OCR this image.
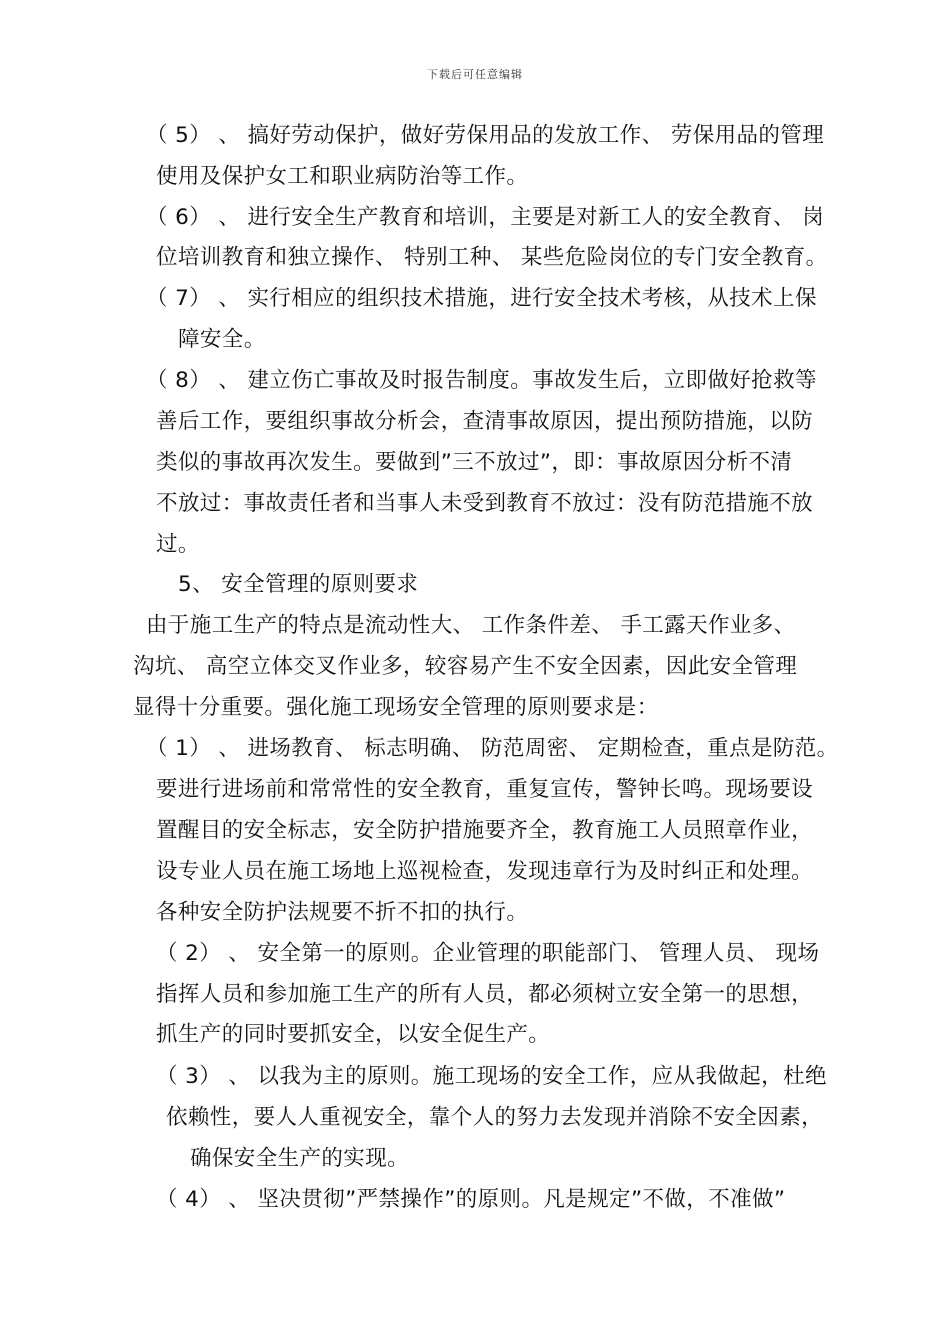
下载后可任意编辑
（ 5） 、 搞好劳动保护，做好劳保用品的发放工作、 劳保用品的管理
使用及保护女工和职业病防治等工作。
（ 6） 、 进行安全生产教育和培训，主要是对新工人的安全教育、 岗
位培训教育和独立操作、 特别工种、 某些危险岗位的专门安全教育。
（ 7） 、 实行相应的组织技术措施，进行安全技术考核，从技术上保
障安全。
（ 8） 、 建立伤亡事故及时报告制度。事故发生后，立即做好抢救等
善后工作，要组织事故分析会，查清事故原因，提出预防措施，以防
类似的事故再次发生。要做到”三不放过”，即：事故原因分析不清
不放过：事故责任者和当事人未受到教育不放过：没有防范措施不放
过。
5、 安全管理的原则要求
由于施工生产的特点是流动性大、 工作条件差、 手工露天作业多、
沟坑、 高空立体交叉作业多，较容易产生不安全因素，因此安全管理
显得十分重要。强化施工现场安全管理的原则要求是：
（ 1） 、 进场教育、 标志明确、 防范周密、 定期检查，重点是防范。
要进行进场前和常常性的安全教育，重复宣传，警钟长鸣。现场要设
置醒目的安全标志，安全防护措施要齐全，教育施工人员照章作业，
设专业人员在施工场地上巡视检查，发现违章行为及时纠正和处理。
各种安全防护法规要不折不扣的执行。
（ 2） 、 安全第一的原则。企业管理的职能部门、 管理人员、 现场
指挥人员和参加施工生产的所有人员，都必须树立安全第一的思想，
抓生产的同时要抓安全，以安全促生产。
（ 3） 、 以我为主的原则。施工现场的安全工作，应从我做起，杜绝
依赖性，要人人重视安全，靠个人的努力去发现并消除不安全因素，
确保安全生产的实现。
（ 4） 、 坚决贯彻”严禁操作”的原则。凡是规定”不做，不准做”
